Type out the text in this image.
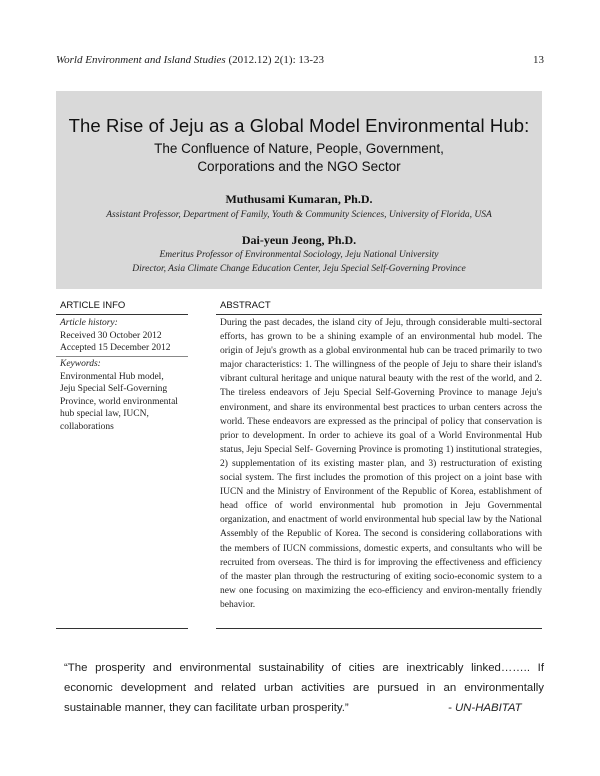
World Environment and Island Studies (2012.12) 2(1): 13-23	13
The Rise of Jeju as a Global Model Environmental Hub:
The Confluence of Nature, People, Government,
Corporations and the NGO Sector
Muthusami Kumaran, Ph.D.
Assistant Professor, Department of Family, Youth & Community Sciences, University of Florida, USA
Dai-yeun Jeong, Ph.D.
Emeritus Professor of Environmental Sociology, Jeju National University
Director, Asia Climate Change Education Center, Jeju Special Self-Governing Province
ARTICLE INFO
Article history:
Received 30 October 2012
Accepted 15 December 2012
Keywords:
Environmental Hub model,
Jeju Special Self-Governing
Province, world environmental
hub special law, IUCN,
collaborations
ABSTRACT

During the past decades, the island city of Jeju, through considerable multi-sectoral efforts, has grown to be a shining example of an environmental hub model. The origin of Jeju's growth as a global environmental hub can be traced primarily to two major characteristics: 1. The willingness of the people of Jeju to share their island's vibrant cultural heritage and unique natural beauty with the rest of the world, and 2. The tireless endeavors of Jeju Special Self-Governing Province to manage Jeju's environment, and share its environmental best practices to urban centers across the world. These endeavors are expressed as the principal of policy that conservation is prior to development. In order to achieve its goal of a World Environmental Hub status, Jeju Special Self- Governing Province is promoting 1) institutional strategies, 2) supplementation of its existing master plan, and 3) restructuration of existing social system. The first includes the promotion of this project on a joint base with IUCN and the Ministry of Environment of the Republic of Korea, establishment of head office of world environmental hub promotion in Jeju Governmental organization, and enactment of world environmental hub special law by the National Assembly of the Republic of Korea. The second is considering collaborations with the members of IUCN commissions, domestic experts, and consultants who will be recruited from overseas. The third is for improving the effectiveness and efficiency of the master plan through the restructuring of exiting socio-economic system to a new one focusing on maximizing the eco-efficiency and environ-mentally friendly behavior.

“The prosperity and environmental sustainability of cities are inextricably linked…….. If economic development and related urban activities are pursued in an environmentally sustainable manner, they can facilitate urban prosperity.”	- UN-HABITAT
